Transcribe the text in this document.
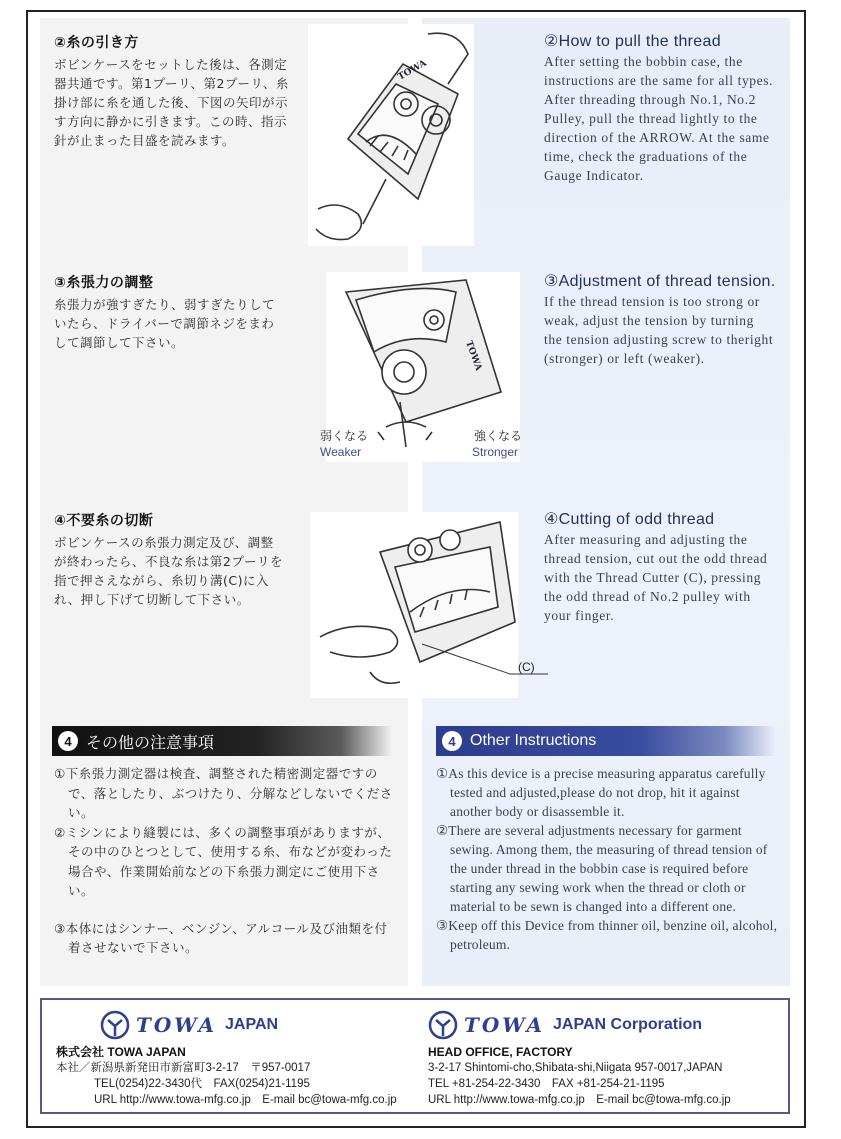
②糸の引き方
ボビンケースをセットした後は、各測定器共通です。第1プーリ、第2プーリ、糸掛け部に糸を通した後、下図の矢印が示す方向に静かに引きます。この時、指示針が止まった目盛を読みます。
TOWA
②How to pull the thread
After setting the bobbin case, the instructions are the same for all types. After threading through No.1, No.2 Pulley, pull the thread lightly to the direction of the ARROW. At the same time, check the graduations of the Gauge Indicator.
③糸張力の調整
糸張力が強すぎたり、弱すぎたりしていたら、ドライバーで調節ネジをまわして調節して下さい。	TOWA
弱くなる
Weaker
強くなる
Stronger
③Adjustment of thread tension.
If the thread tension is too strong or weak, adjust the tension by turning the tension adjusting screw to theright (stronger) or left (weaker).
④不要糸の切断
ボビンケースの糸張力測定及び、調整が終わったら、不良な糸は第2プーリを指で押さえながら、糸切り溝(C)に入れ、押し下げて切断して下さい。
(C)
④Cutting of odd thread
After measuring and adjusting the thread tension, cut out the odd thread with the Thread Cutter (C), pressing the odd thread of No.2 pulley with your finger.
4 その他の注意事項	4 Other Instructions
①下糸張力測定器は検査、調整された精密測定器ですので、落としたり、ぶつけたり、分解などしないでください。
②ミシンにより縫製には、多くの調整事項がありますが、その中のひとつとして、使用する糸、布などが変わった場合や、作業開始前などの下糸張力測定にご使用下さい。
③本体にはシンナー、ベンジン、アルコール及び油類を付着させないで下さい。
①As this device is a precise measuring apparatus carefully tested and adjusted,please do not drop, hit it against another body or disassemble it.
②There are several adjustments necessary for garment sewing. Among them, the measuring of thread tension of the under thread in the bobbin case is required before starting any sewing work when the thread or cloth or material to be sewn is changed into a different one.
③Keep off this Device from thinner oil, benzine oil, alcohol, petroleum.
TOWA JAPAN
株式会社 TOWA JAPAN
本社／新潟県新発田市新富町3-2-17　〒957-0017
TEL(0254)22-3430代　FAX(0254)21-1195
URL http://www.towa-mfg.co.jp　E-mail bc@towa-mfg.co.jp
TOWA JAPAN Corporation
HEAD OFFICE, FACTORY
3-2-17 Shintomi-cho,Shibata-shi,Niigata 957-0017,JAPAN
TEL +81-254-22-3430　FAX +81-254-21-1195
URL http://www.towa-mfg.co.jp　E-mail bc@towa-mfg.co.jp
